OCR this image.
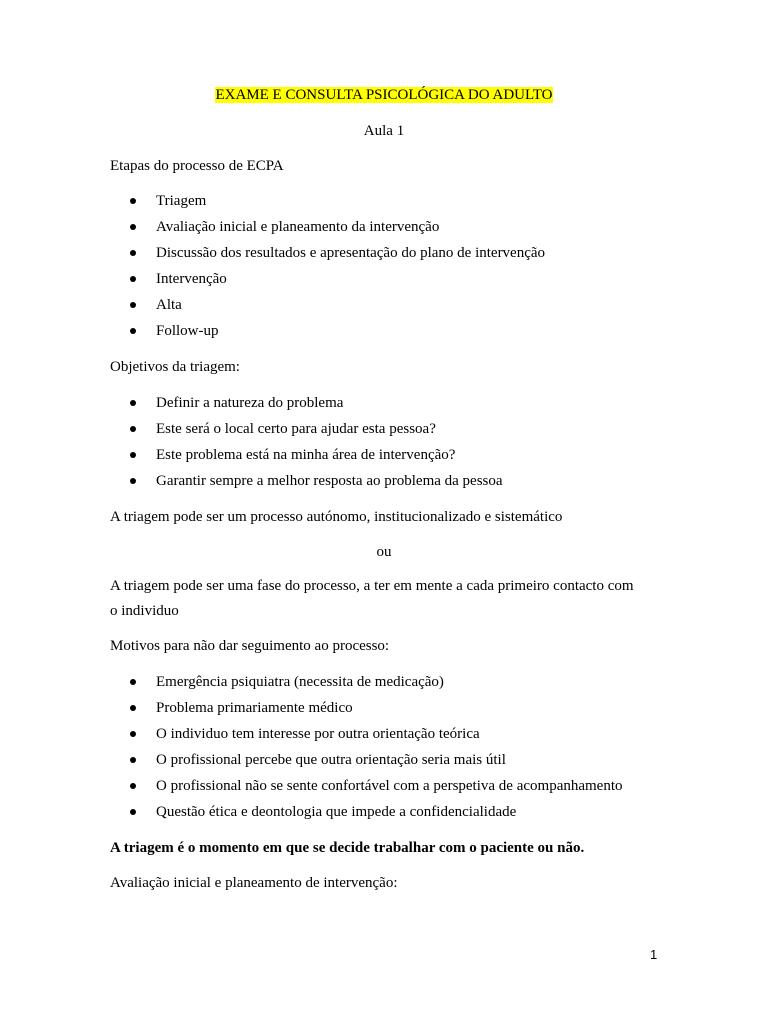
EXAME E CONSULTA PSICOLÓGICA DO ADULTO
Aula 1
Etapas do processo de ECPA
Triagem
Avaliação inicial e planeamento da intervenção
Discussão dos resultados e apresentação do plano de intervenção
Intervenção
Alta
Follow-up
Objetivos da triagem:
Definir a natureza do problema
Este será o local certo para ajudar esta pessoa?
Este problema está na minha área de intervenção?
Garantir sempre a melhor resposta ao problema da pessoa
A triagem pode ser um processo autónomo, institucionalizado e sistemático
ou
A triagem pode ser uma fase do processo, a ter em mente a cada primeiro contacto com
o individuo
Motivos para não dar seguimento ao processo:
Emergência psiquiatra (necessita de medicação)
Problema primariamente médico
O individuo tem interesse por outra orientação teórica
O profissional percebe que outra orientação seria mais útil
O profissional não se sente confortável com a perspetiva de acompanhamento
Questão ética e deontologia que impede a confidencialidade
A triagem é o momento em que se decide trabalhar com o paciente ou não.
Avaliação inicial e planeamento de intervenção:
1
